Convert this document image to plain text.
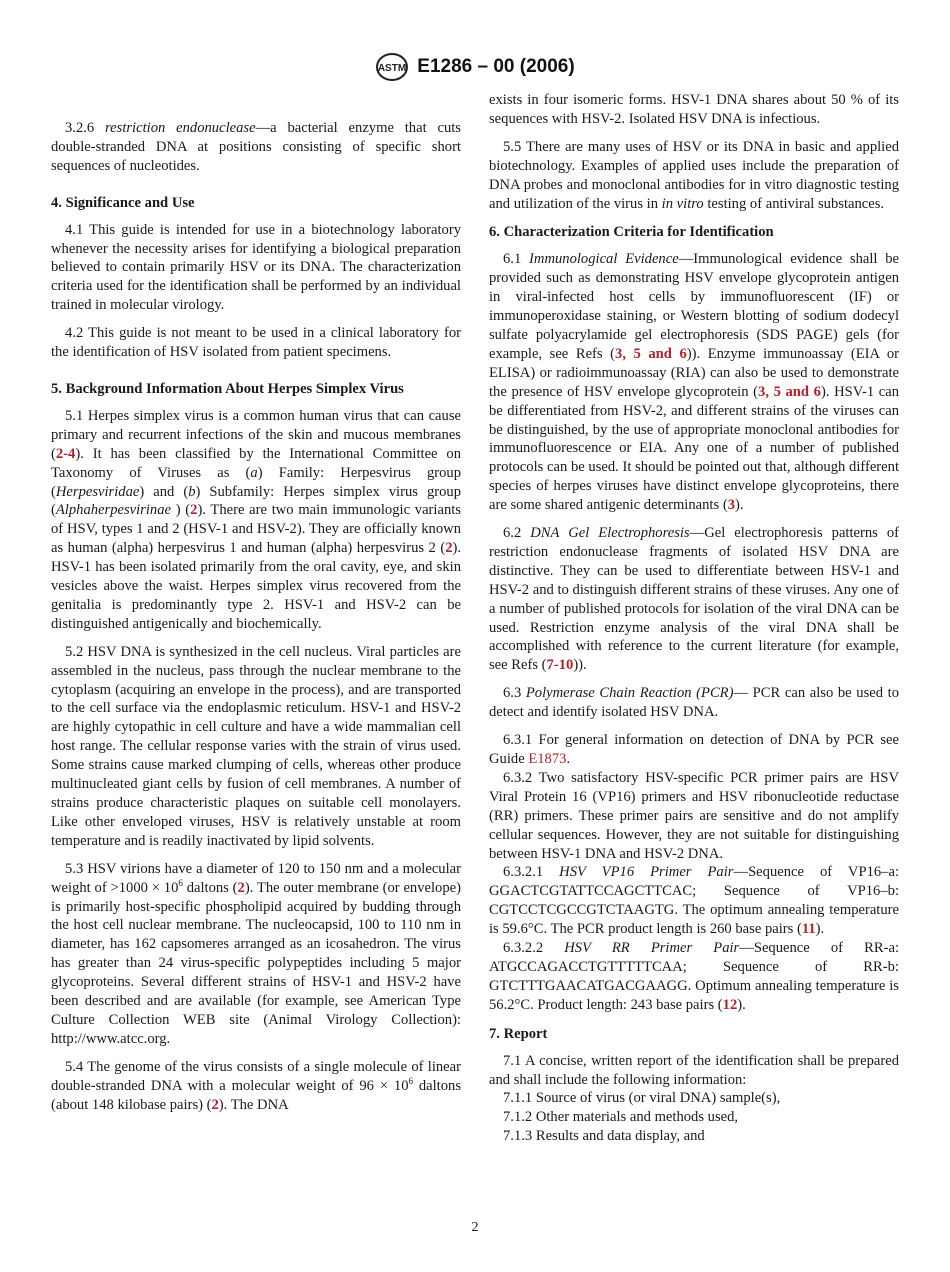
ASTM E1286 – 00 (2006)

3.2.6 restriction endonuclease—a bacterial enzyme that cuts double-stranded DNA at positions consisting of specific short sequences of nucleotides.

4. Significance and Use

4.1 This guide is intended for use in a biotechnology laboratory whenever the necessity arises for identifying a biological preparation believed to contain primarily HSV or its DNA. The characterization criteria used for the identification shall be performed by an individual trained in molecular virology.

4.2 This guide is not meant to be used in a clinical laboratory for the identification of HSV isolated from patient specimens.

5. Background Information About Herpes Simplex Virus

5.1 Herpes simplex virus is a common human virus that can cause primary and recurrent infections of the skin and mucous membranes (2-4). It has been classified by the International Committee on Taxonomy of Viruses as (a) Family: Herpesvirus group (Herpesviridae) and (b) Subfamily: Herpes simplex virus group (Alphaherpesvirinae ) (2). There are two main immunologic variants of HSV, types 1 and 2 (HSV-1 and HSV-2). They are officially known as human (alpha) herpesvirus 1 and human (alpha) herpesvirus 2 (2). HSV-1 has been isolated primarily from the oral cavity, eye, and skin vesicles above the waist. Herpes simplex virus recovered from the genitalia is predominantly type 2. HSV-1 and HSV-2 can be distinguished antigenically and biochemically.

5.2 HSV DNA is synthesized in the cell nucleus. Viral particles are assembled in the nucleus, pass through the nuclear membrane to the cytoplasm (acquiring an envelope in the process), and are transported to the cell surface via the endoplasmic reticulum. HSV-1 and HSV-2 are highly cytopathic in cell culture and have a wide mammalian cell host range. The cellular response varies with the strain of virus used. Some strains cause marked clumping of cells, whereas other produce multinucleated giant cells by fusion of cell membranes. A number of strains produce characteristic plaques on suitable cell monolayers. Like other enveloped viruses, HSV is relatively unstable at room temperature and is readily inactivated by lipid solvents.

5.3 HSV virions have a diameter of 120 to 150 nm and a molecular weight of $>1000 \times 10^6$ daltons (2). The outer membrane (or envelope) is primarily host-specific phospholipid acquired by budding through the host cell nuclear membrane. The nucleocapsid, 100 to 110 nm in diameter, has 162 capsomeres arranged as an icosahedron. The virus has greater than 24 virus-specific polypeptides including 5 major glycoproteins. Several different strains of HSV-1 and HSV-2 have been described and are available (for example, see American Type Culture Collection WEB site (Animal Virology Collection): http://www.atcc.org.

5.4 The genome of the virus consists of a single molecule of linear double-stranded DNA with a molecular weight of $96 \times 10^6$ daltons (about 148 kilobase pairs) (2). The DNA

exists in four isomeric forms. HSV-1 DNA shares about 50 % of its sequences with HSV-2. Isolated HSV DNA is infectious.

5.5 There are many uses of HSV or its DNA in basic and applied biotechnology. Examples of applied uses include the preparation of DNA probes and monoclonal antibodies for in vitro diagnostic testing and utilization of the virus in in vitro testing of antiviral substances.

6. Characterization Criteria for Identification

6.1 Immunological Evidence—Immunological evidence shall be provided such as demonstrating HSV envelope glycoprotein antigen in viral-infected host cells by immunofluorescent (IF) or immunoperoxidase staining, or Western blotting of sodium dodecyl sulfate polyacrylamide gel electrophoresis (SDS PAGE) gels (for example, see Refs (3, 5 and 6)). Enzyme immunoassay (EIA or ELISA) or radioimmunoassay (RIA) can also be used to demonstrate the presence of HSV envelope glycoprotein (3, 5 and 6). HSV-1 can be differentiated from HSV-2, and different strains of the viruses can be distinguished, by the use of appropriate monoclonal antibodies for immunofluorescence or EIA. Any one of a number of published protocols can be used. It should be pointed out that, although different species of herpes viruses have distinct envelope glycoproteins, there are some shared antigenic determinants (3).

6.2 DNA Gel Electrophoresis—Gel electrophoresis patterns of restriction endonuclease fragments of isolated HSV DNA are distinctive. They can be used to differentiate between HSV-1 and HSV-2 and to distinguish different strains of these viruses. Any one of a number of published protocols for isolation of the viral DNA can be used. Restriction enzyme analysis of the viral DNA shall be accomplished with reference to the current literature (for example, see Refs (7-10)).

6.3 Polymerase Chain Reaction (PCR)— PCR can also be used to detect and identify isolated HSV DNA.

6.3.1 For general information on detection of DNA by PCR see Guide E1873.

6.3.2 Two satisfactory HSV-specific PCR primer pairs are HSV Viral Protein 16 (VP16) primers and HSV ribonucleotide reductase (RR) primers. These primer pairs are sensitive and do not amplify cellular sequences. However, they are not suitable for distinguishing between HSV-1 DNA and HSV-2 DNA.

6.3.2.1 HSV VP16 Primer Pair—Sequence of VP16–a: GGACTCGTATTCCAGCTTCAC; Sequence of VP16–b: CGTCCTCGCCGTCTAAGTG. The optimum annealing temperature is 59.6°C. The PCR product length is 260 base pairs (11).

6.3.2.2 HSV RR Primer Pair—Sequence of RR-a: ATGCCAGACCTGTTTTTCAA; Sequence of RR-b: GTCTTTGAACATGACGAAGG. Optimum annealing temperature is 56.2°C. Product length: 243 base pairs (12).

7. Report

7.1 A concise, written report of the identification shall be prepared and shall include the following information:

7.1.1 Source of virus (or viral DNA) sample(s),

7.1.2 Other materials and methods used,

7.1.3 Results and data display, and

2
